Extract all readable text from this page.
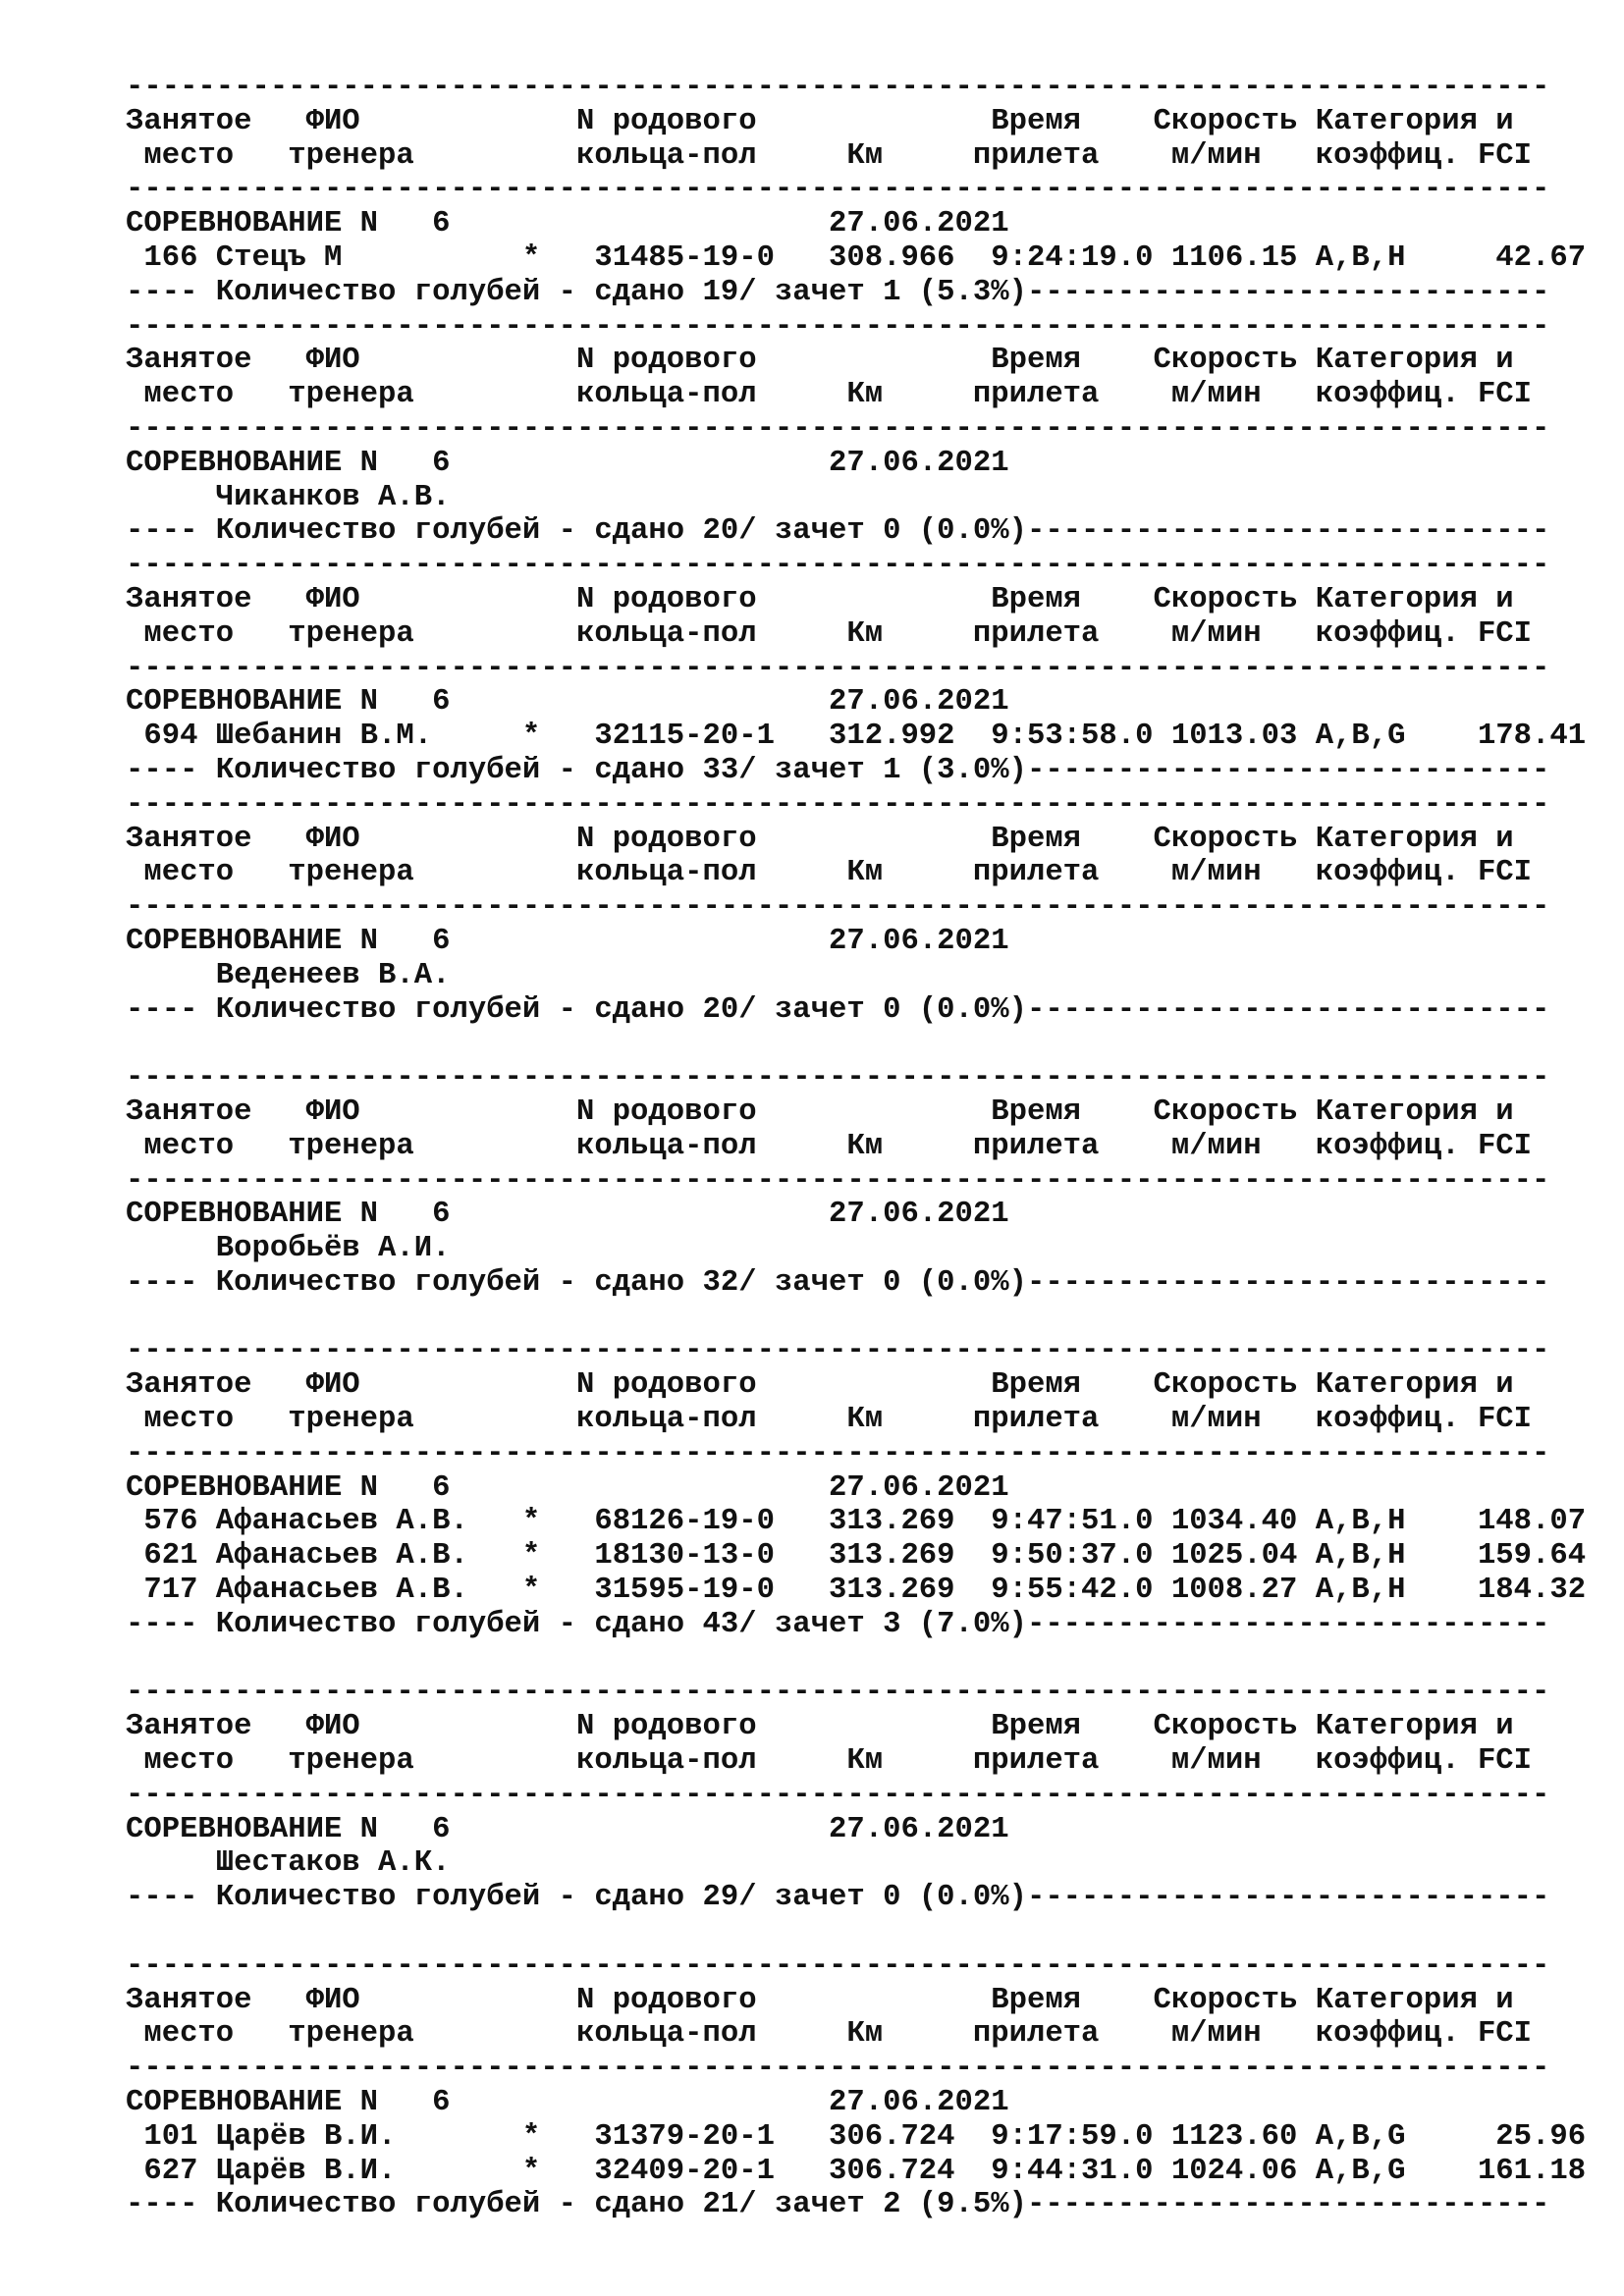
-------------------------------------------------------------------------------
Занятое   ФИО            N родового             Время    Скорость Категория и
место   тренера         кольца-пол     Км     прилета    м/мин   коэффиц. FCI
-------------------------------------------------------------------------------
СОРЕВНОВАНИЕ N   6                     27.06.2021
166 Стецъ М          *   31485-19-0   308.966  9:24:19.0 1106.15 A,B,H     42.67
---- Количество голубей - сдано 19/ зачет 1 (5.3%)-----------------------------
-------------------------------------------------------------------------------
Занятое   ФИО            N родового             Время    Скорость Категория и
место   тренера         кольца-пол     Км     прилета    м/мин   коэффиц. FCI
-------------------------------------------------------------------------------
СОРЕВНОВАНИЕ N   6                     27.06.2021
Чиканков А.В.
---- Количество голубей - сдано 20/ зачет 0 (0.0%)-----------------------------
-------------------------------------------------------------------------------
Занятое   ФИО            N родового             Время    Скорость Категория и
место   тренера         кольца-пол     Км     прилета    м/мин   коэффиц. FCI
-------------------------------------------------------------------------------
СОРЕВНОВАНИЕ N   6                     27.06.2021
694 Шебанин В.М.     *   32115-20-1   312.992  9:53:58.0 1013.03 A,B,G    178.41
---- Количество голубей - сдано 33/ зачет 1 (3.0%)-----------------------------
-------------------------------------------------------------------------------
Занятое   ФИО            N родового             Время    Скорость Категория и
место   тренера         кольца-пол     Км     прилета    м/мин   коэффиц. FCI
-------------------------------------------------------------------------------
СОРЕВНОВАНИЕ N   6                     27.06.2021
Веденеев В.А.
---- Количество голубей - сдано 20/ зачет 0 (0.0%)-----------------------------
-------------------------------------------------------------------------------
Занятое   ФИО            N родового             Время    Скорость Категория и
место   тренера         кольца-пол     Км     прилета    м/мин   коэффиц. FCI
-------------------------------------------------------------------------------
СОРЕВНОВАНИЕ N   6                     27.06.2021
Воробьёв А.И.
---- Количество голубей - сдано 32/ зачет 0 (0.0%)-----------------------------
-------------------------------------------------------------------------------
Занятое   ФИО            N родового             Время    Скорость Категория и
место   тренера         кольца-пол     Км     прилета    м/мин   коэффиц. FCI
-------------------------------------------------------------------------------
СОРЕВНОВАНИЕ N   6                     27.06.2021
576 Афанасьев А.В.   *   68126-19-0   313.269  9:47:51.0 1034.40 A,B,H    148.07
621 Афанасьев А.В.   *   18130-13-0   313.269  9:50:37.0 1025.04 A,B,H    159.64
717 Афанасьев А.В.   *   31595-19-0   313.269  9:55:42.0 1008.27 A,B,H    184.32
---- Количество голубей - сдано 43/ зачет 3 (7.0%)-----------------------------
-------------------------------------------------------------------------------
Занятое   ФИО            N родового             Время    Скорость Категория и
место   тренера         кольца-пол     Км     прилета    м/мин   коэффиц. FCI
-------------------------------------------------------------------------------
СОРЕВНОВАНИЕ N   6                     27.06.2021
Шестаков А.К.
---- Количество голубей - сдано 29/ зачет 0 (0.0%)-----------------------------
-------------------------------------------------------------------------------
Занятое   ФИО            N родового             Время    Скорость Категория и
место   тренера         кольца-пол     Км     прилета    м/мин   коэффиц. FCI
-------------------------------------------------------------------------------
СОРЕВНОВАНИЕ N   6                     27.06.2021
101 Царёв В.И.       *   31379-20-1   306.724  9:17:59.0 1123.60 A,B,G     25.96
627 Царёв В.И.       *   32409-20-1   306.724  9:44:31.0 1024.06 A,B,G    161.18
---- Количество голубей - сдано 21/ зачет 2 (9.5%)-----------------------------
